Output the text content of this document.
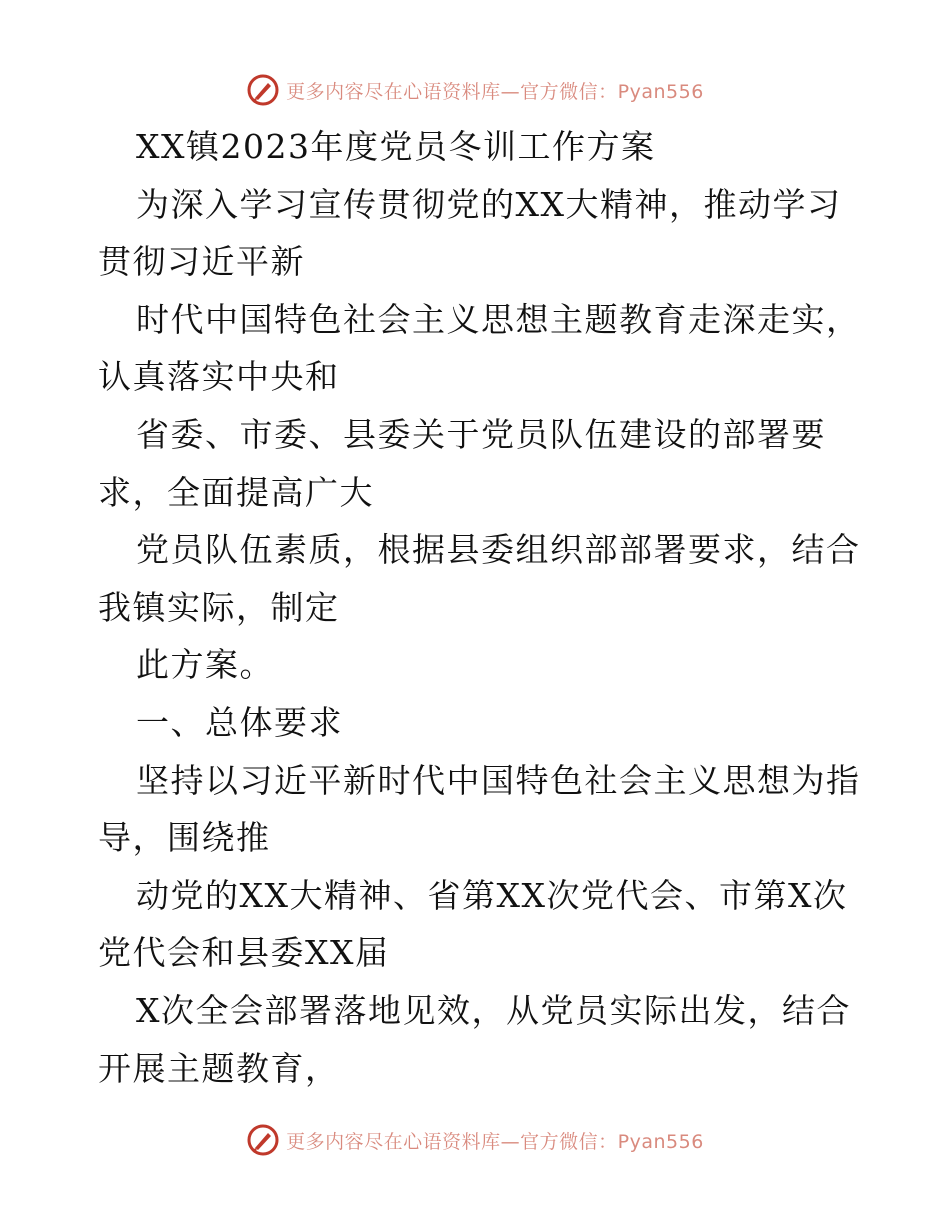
更多内容尽在心语资料库—官方微信：Pyan556
XX镇2023年度党员冬训工作方案
为深入学习宣传贯彻党的XX大精神，推动学习
贯彻习近平新
时代中国特色社会主义思想主题教育走深走实，
认真落实中央和
省委、市委、县委关于党员队伍建设的部署要
求，全面提高广大
党员队伍素质，根据县委组织部部署要求，结合
我镇实际，制定
此方案。
一、总体要求
坚持以习近平新时代中国特色社会主义思想为指
导，围绕推
动党的XX大精神、省第XX次党代会、市第X次
党代会和县委XX届
X次全会部署落地见效，从党员实际出发，结合
开展主题教育，
更多内容尽在心语资料库—官方微信：Pyan556
